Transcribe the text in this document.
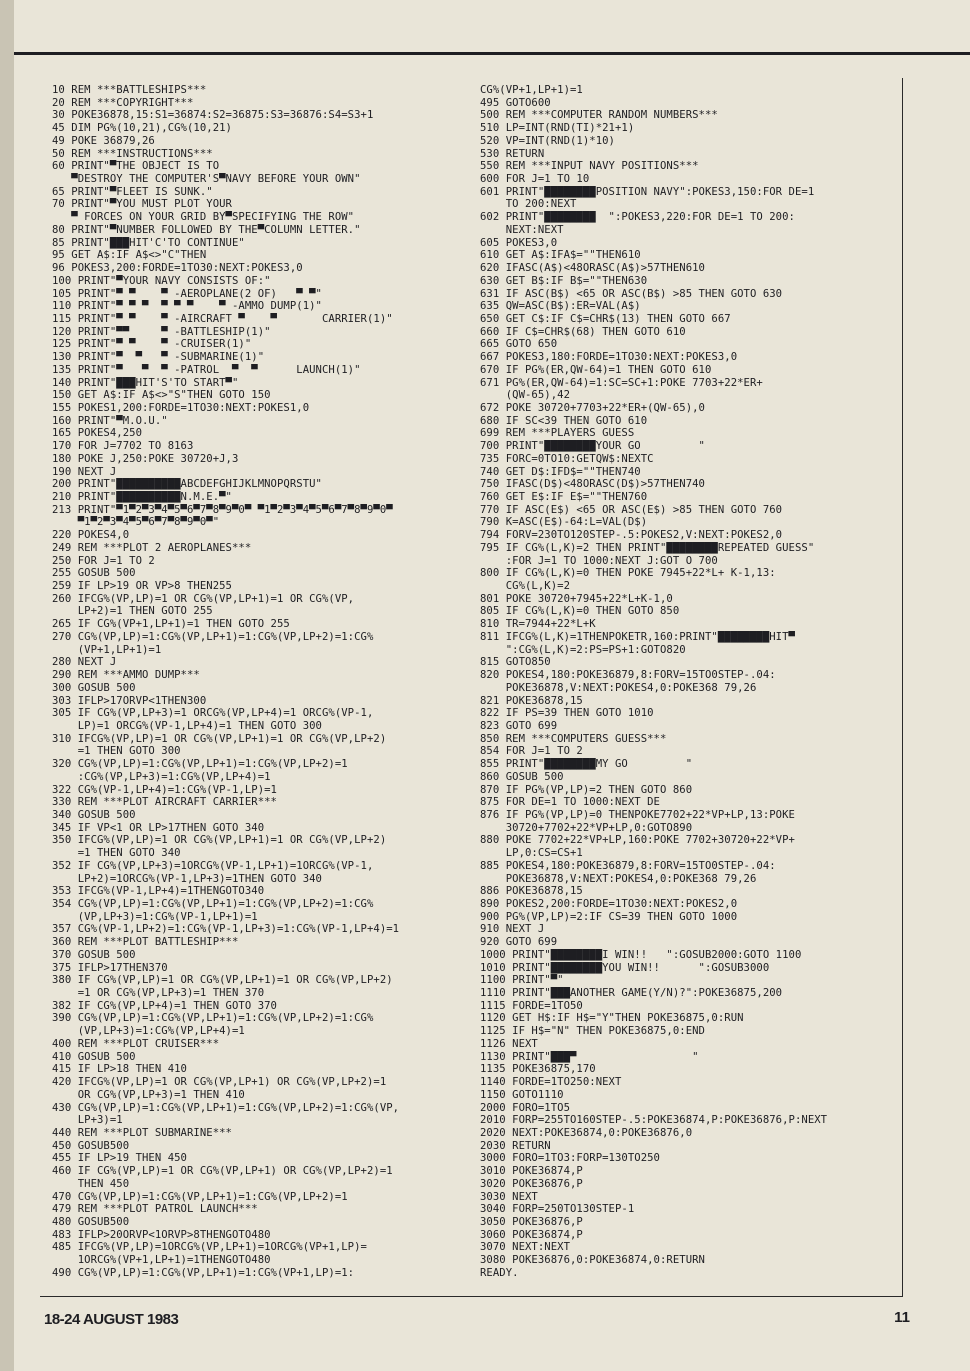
10 REM ***BATTLESHIPS***
20 REM ***COPYRIGHT***
30 POKE36878,15:S1=36874:S2=36875:S3=36876:S4=S3+1
45 DIM PG%(10,21),CG%(10,21)
49 POKE 36879,26
50 REM ***INSTRUCTIONS***
60 PRINT"▀THE OBJECT IS TO
▀DESTROY THE COMPUTER'S▀NAVY BEFORE YOUR OWN"
65 PRINT"▀FLEET IS SUNK."
70 PRINT"▀YOU MUST PLOT YOUR
▀ FORCES ON YOUR GRID BY▀SPECIFYING THE ROW"
80 PRINT"▀NUMBER FOLLOWED BY THE▀COLUMN LETTER."
85 PRINT"███HIT'C'TO CONTINUE"
95 GET A$:IF A$<>"C"THEN
96 POKES3,200:FORDE=1TO30:NEXT:POKES3,0
100 PRINT"▀YOUR NAVY CONSISTS OF:"
105 PRINT"▀ ▀    ▀ -AEROPLANE(2 OF)   ▀ ▀"
110 PRINT"▀ ▀ ▀  ▀ ▀ ▀    ▀ -AMMO DUMP(1)"
115 PRINT"▀ ▀    ▀ -AIRCRAFT ▀    ▀       CARRIER(1)"
120 PRINT"▀▀     ▀ -BATTLESHIP(1)"
125 PRINT"▀ ▀    ▀ -CRUISER(1)"
130 PRINT"▀  ▀   ▀ -SUBMARINE(1)"
135 PRINT"▀   ▀  ▀ -PATROL  ▀  ▀      LAUNCH(1)"
140 PRINT"███HIT'S'TO START▀"
150 GET A$:IF A$<>"S"THEN GOTO 150
155 POKES1,200:FORDE=1TO30:NEXT:POKES1,0
160 PRINT"▀M.O.U."
165 POKES4,250
170 FOR J=7702 TO 8163
180 POKE J,250:POKE 30720+J,3
190 NEXT J
200 PRINT"██████████ABCDEFGHIJKLMNOPQRSTU"
210 PRINT"██████████N.M.E.▀"
213 PRINT"▀1▀2▀3▀4▀5▀6▀7▀8▀9▀0▀ ▀1▀2▀3▀4▀5▀6▀7▀8▀9▀0▀
▀1▀2▀3▀4▀5▀6▀7▀8▀9▀0▀"
220 POKES4,0
249 REM ***PLOT 2 AEROPLANES***
250 FOR J=1 TO 2
255 GOSUB 500
259 IF LP>19 OR VP>8 THEN255
260 IFCG%(VP,LP)=1 OR CG%(VP,LP+1)=1 OR CG%(VP,
LP+2)=1 THEN GOTO 255
265 IF CG%(VP+1,LP+1)=1 THEN GOTO 255
270 CG%(VP,LP)=1:CG%(VP,LP+1)=1:CG%(VP,LP+2)=1:CG%
(VP+1,LP+1)=1
280 NEXT J
290 REM ***AMMO DUMP***
300 GOSUB 500
303 IFLP>17ORVP<1THEN300
305 IF CG%(VP,LP+3)=1 ORCG%(VP,LP+4)=1 ORCG%(VP-1,
LP)=1 ORCG%(VP-1,LP+4)=1 THEN GOTO 300
310 IFCG%(VP,LP)=1 OR CG%(VP,LP+1)=1 OR CG%(VP,LP+2)
=1 THEN GOTO 300
320 CG%(VP,LP)=1:CG%(VP,LP+1)=1:CG%(VP,LP+2)=1
:CG%(VP,LP+3)=1:CG%(VP,LP+4)=1
322 CG%(VP-1,LP+4)=1:CG%(VP-1,LP)=1
330 REM ***PLOT AIRCRAFT CARRIER***
340 GOSUB 500
345 IF VP<1 OR LP>17THEN GOTO 340
350 IFCG%(VP,LP)=1 OR CG%(VP,LP+1)=1 OR CG%(VP,LP+2)
=1 THEN GOTO 340
352 IF CG%(VP,LP+3)=1ORCG%(VP-1,LP+1)=1ORCG%(VP-1,
LP+2)=1ORCG%(VP-1,LP+3)=1THEN GOTO 340
353 IFCG%(VP-1,LP+4)=1THENGOTO340
354 CG%(VP,LP)=1:CG%(VP,LP+1)=1:CG%(VP,LP+2)=1:CG%
(VP,LP+3)=1:CG%(VP-1,LP+1)=1
357 CG%(VP-1,LP+2)=1:CG%(VP-1,LP+3)=1:CG%(VP-1,LP+4)=1
360 REM ***PLOT BATTLESHIP***
370 GOSUB 500
375 IFLP>17THEN370
380 IF CG%(VP,LP)=1 OR CG%(VP,LP+1)=1 OR CG%(VP,LP+2)
=1 OR CG%(VP,LP+3)=1 THEN 370
382 IF CG%(VP,LP+4)=1 THEN GOTO 370
390 CG%(VP,LP)=1:CG%(VP,LP+1)=1:CG%(VP,LP+2)=1:CG%
(VP,LP+3)=1:CG%(VP,LP+4)=1
400 REM ***PLOT CRUISER***
410 GOSUB 500
415 IF LP>18 THEN 410
420 IFCG%(VP,LP)=1 OR CG%(VP,LP+1) OR CG%(VP,LP+2)=1
OR CG%(VP,LP+3)=1 THEN 410
430 CG%(VP,LP)=1:CG%(VP,LP+1)=1:CG%(VP,LP+2)=1:CG%(VP,
LP+3)=1
440 REM ***PLOT SUBMARINE***
450 GOSUB500
455 IF LP>19 THEN 450
460 IF CG%(VP,LP)=1 OR CG%(VP,LP+1) OR CG%(VP,LP+2)=1
THEN 450
470 CG%(VP,LP)=1:CG%(VP,LP+1)=1:CG%(VP,LP+2)=1
479 REM ***PLOT PATROL LAUNCH***
480 GOSUB500
483 IFLP>20ORVP<1ORVP>8THENGOTO480
485 IFCG%(VP,LP)=1ORCG%(VP,LP+1)=1ORCG%(VP+1,LP)=
1ORCG%(VP+1,LP+1)=1THENGOTO480
490 CG%(VP,LP)=1:CG%(VP,LP+1)=1:CG%(VP+1,LP)=1:
CG%(VP+1,LP+1)=1
495 GOTO600
500 REM ***COMPUTER RANDOM NUMBERS***
510 LP=INT(RND(TI)*21+1)
520 VP=INT(RND(1)*10)
530 RETURN
550 REM ***INPUT NAVY POSITIONS***
600 FOR J=1 TO 10
601 PRINT"████████POSITION NAVY":POKES3,150:FOR DE=1
TO 200:NEXT
602 PRINT"████████  ":POKES3,220:FOR DE=1 TO 200:
NEXT:NEXT
605 POKES3,0
610 GET A$:IFA$=""THEN610
620 IFASC(A$)<48ORASC(A$)>57THEN610
630 GET B$:IF B$=""THEN630
631 IF ASC(B$) <65 OR ASC(B$) >85 THEN GOTO 630
635 QW=ASC(B$):ER=VAL(A$)
650 GET C$:IF C$=CHR$(13) THEN GOTO 667
660 IF C$=CHR$(68) THEN GOTO 610
665 GOTO 650
667 POKES3,180:FORDE=1TO30:NEXT:POKES3,0
670 IF PG%(ER,QW-64)=1 THEN GOTO 610
671 PG%(ER,QW-64)=1:SC=SC+1:POKE 7703+22*ER+
(QW-65),42
672 POKE 30720+7703+22*ER+(QW-65),0
680 IF SC<39 THEN GOTO 610
699 REM ***PLAYERS GUESS
700 PRINT"████████YOUR GO         "
735 FORC=0TO10:GETQW$:NEXTC
740 GET D$:IFD$=""THEN740
750 IFASC(D$)<48ORASC(D$)>57THEN740
760 GET E$:IF E$=""THEN760
770 IF ASC(E$) <65 OR ASC(E$) >85 THEN GOTO 760
790 K=ASC(E$)-64:L=VAL(D$)
794 FORV=230TO120STEP-.5:POKES2,V:NEXT:POKES2,0
795 IF CG%(L,K)=2 THEN PRINT"████████REPEATED GUESS"
:FOR J=1 TO 1000:NEXT J:GOT O 700
800 IF CG%(L,K)=0 THEN POKE 7945+22*L+ K-1,13:
CG%(L,K)=2
801 POKE 30720+7945+22*L+K-1,0
805 IF CG%(L,K)=0 THEN GOTO 850
810 TR=7944+22*L+K
811 IFCG%(L,K)=1THENPOKETR,160:PRINT"████████HIT▀
":CG%(L,K)=2:PS=PS+1:GOTO820
815 GOTO850
820 POKES4,180:POKE36879,8:FORV=15TO0STEP-.04:
POKE36878,V:NEXT:POKES4,0:POKE368 79,26
821 POKE36878,15
822 IF PS=39 THEN GOTO 1010
823 GOTO 699
850 REM ***COMPUTERS GUESS***
854 FOR J=1 TO 2
855 PRINT"████████MY GO         "
860 GOSUB 500
870 IF PG%(VP,LP)=2 THEN GOTO 860
875 FOR DE=1 TO 1000:NEXT DE
876 IF PG%(VP,LP)=0 THENPOKE7702+22*VP+LP,13:POKE
30720+7702+22*VP+LP,0:GOTO890
880 POKE 7702+22*VP+LP,160:POKE 7702+30720+22*VP+
LP,0:CS=CS+1
885 POKES4,180:POKE36879,8:FORV=15TO0STEP-.04:
POKE36878,V:NEXT:POKES4,0:POKE368 79,26
886 POKE36878,15
890 POKES2,200:FORDE=1TO30:NEXT:POKES2,0
900 PG%(VP,LP)=2:IF CS=39 THEN GOTO 1000
910 NEXT J
920 GOTO 699
1000 PRINT"████████I WIN!!   ":GOSUB2000:GOTO 1100
1010 PRINT"████████YOU WIN!!      ":GOSUB3000
1100 PRINT"▀"
1110 PRINT"███ANOTHER GAME(Y/N)?":POKE36875,200
1115 FORDE=1TO50
1120 GET H$:IF H$="Y"THEN POKE36875,0:RUN
1125 IF H$="N" THEN POKE36875,0:END
1126 NEXT
1130 PRINT"███▀                  "
1135 POKE36875,170
1140 FORDE=1TO250:NEXT
1150 GOTO1110
2000 FORO=1TO5
2010 FORP=255TO160STEP-.5:POKE36874,P:POKE36876,P:NEXT
2020 NEXT:POKE36874,0:POKE36876,0
2030 RETURN
3000 FORO=1TO3:FORP=130TO250
3010 POKE36874,P
3020 POKE36876,P
3030 NEXT
3040 FORP=250TO130STEP-1
3050 POKE36876,P
3060 POKE36874,P
3070 NEXT:NEXT
3080 POKE36876,0:POKE36874,0:RETURN
READY.
18-24 AUGUST 1983	11
